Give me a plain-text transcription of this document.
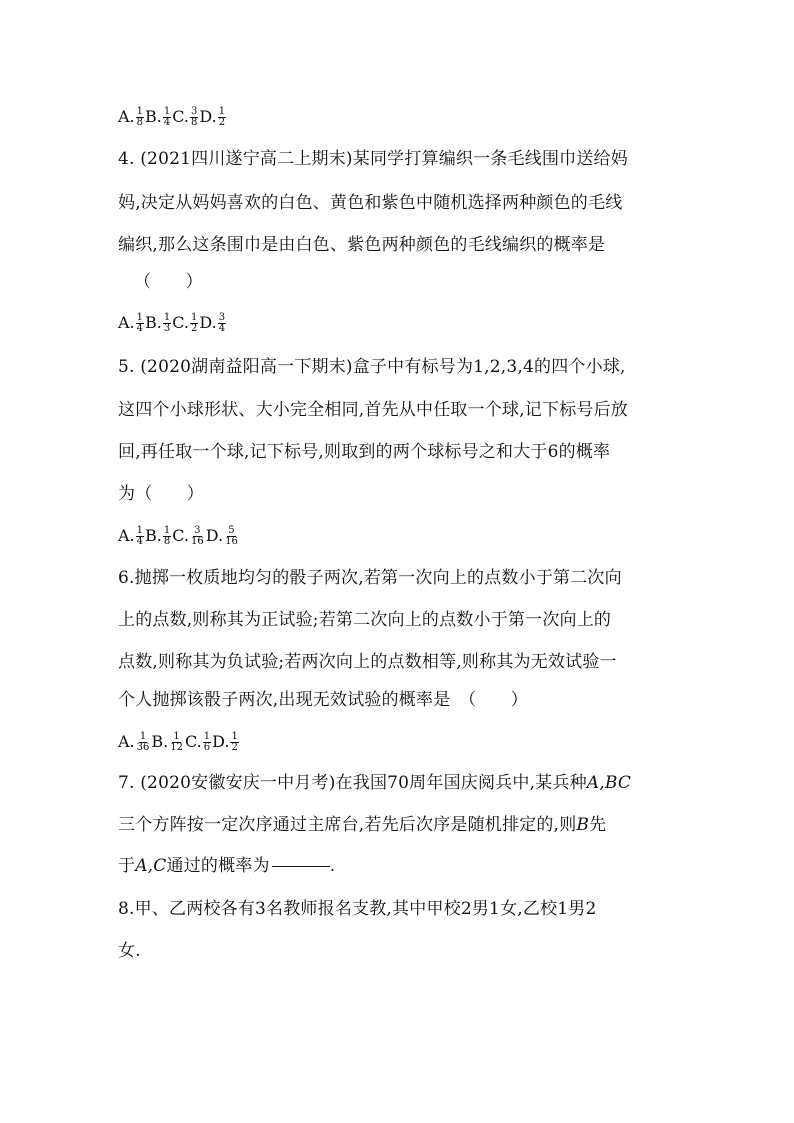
A. $\frac{1}{8} B$. $\frac{1}{4} C$. $\frac{3}{8} D$. $\frac{1}{2}$
4. (2021四川遂宁高二上期末)某同学打算编织一条毛线围巾送给妈
妈,决定从妈妈喜欢的白色、黄色和紫色中随机选择两种颜色的毛线
编织,那么这条围巾是由白色、紫色两种颜色的毛线编织的概率是
（　　）
A. $\frac{1}{4} B$. $\frac{1}{3} C$. $\frac{1}{2} D$. $\frac{3}{4}$
5. (2020湖南益阳高一下期末)盒子中有标号为1,2,3,4的四个小球,
这四个小球形状、大小完全相同,首先从中任取一个球,记下标号后放
回,再任取一个球,记下标号,则取到的两个球标号之和大于6的概率
为（　　）
A. $\frac{1}{4} B$. $\frac{1}{8} C$. $\frac{3}{16} D$. $\frac{5}{16}$
6.抛掷一枚质地均匀的骰子两次,若第一次向上的点数小于第二次向
上的点数,则称其为正试验;若第二次向上的点数小于第一次向上的
点数,则称其为负试验;若两次向上的点数相等,则称其为无效试验一
个人抛掷该骰子两次,出现无效试验的概率是　（　　）
A. $\frac{1}{36} B$. $\frac{1}{12} C$. $\frac{1}{6} D$. $\frac{1}{2}$
7. (2020安徽安庆一中月考)在我国70周年国庆阅兵中,某兵种A,BC
三个方阵按一定次序通过主席台,若先后次序是随机排定的,则B先
于A,C通过的概率为	.
8.甲、乙两校各有3名教师报名支教,其中甲校2男1女,乙校1男2
女.
